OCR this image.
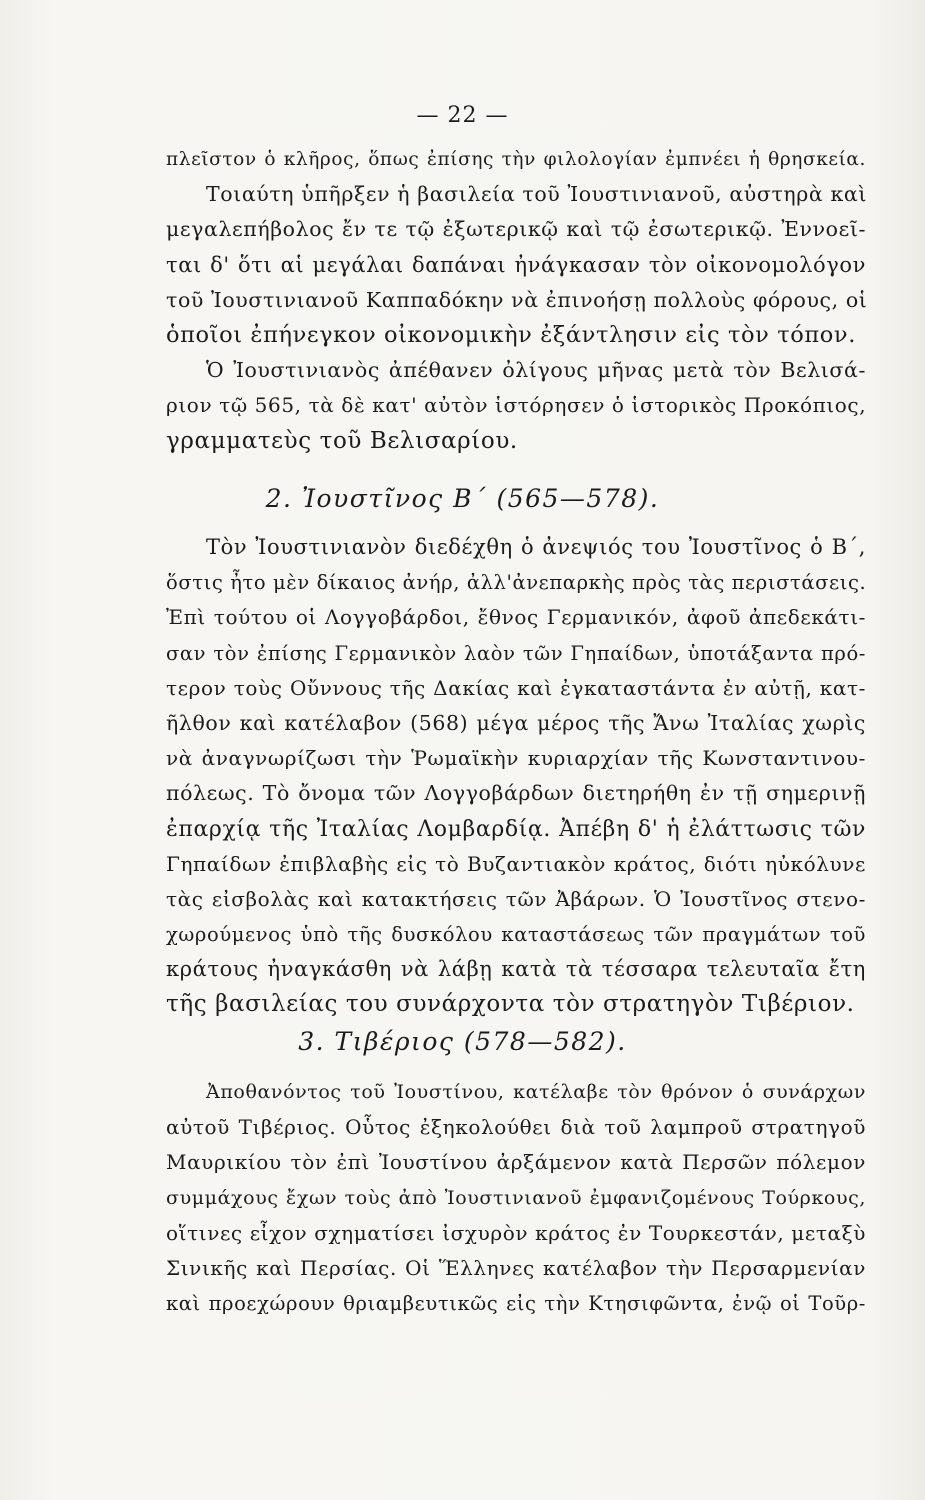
— 22 —
πλεῖστον ὁ κλῆρος, ὅπως ἐπίσης τὴν φιλολογίαν ἐμπνέει ἡ θρησκεία.
Τοιαύτη ὑπῆρξεν ἡ βασιλεία τοῦ Ἰουστινιανοῦ, αὐστηρὰ καὶ
μεγαλεπήβολος ἔν τε τῷ ἐξωτερικῷ καὶ τῷ ἐσωτερικῷ. Ἐννοεῖ-
ται δ' ὅτι αἱ μεγάλαι δαπάναι ἠνάγκασαν τὸν οἰκονομολόγον
τοῦ Ἰουστινιανοῦ Καππαδόκην νὰ ἐπινοήσῃ πολλοὺς φόρους, οἱ
ὁποῖοι ἐπήνεγκον οἰκονομικὴν ἐξάντλησιν εἰς τὸν τόπον.
Ὁ Ἰουστινιανὸς ἀπέθανεν ὀλίγους μῆνας μετὰ τὸν Βελισά-
ριον τῷ 565, τὰ δὲ κατ' αὐτὸν ἱστόρησεν ὁ ἱστορικὸς Προκόπιος,
γραμματεὺς τοῦ Βελισαρίου.
2. Ἰουστῖνος Β΄ (565—578).
Τὸν Ἰουστινιανὸν διεδέχθη ὁ ἀνεψιός του Ἰουστῖνος ὁ Β΄,
ὅστις ἦτο μὲν δίκαιος ἀνήρ, ἀλλ'ἀνεπαρκὴς πρὸς τὰς περιστάσεις.
Ἐπὶ τούτου οἱ Λογγοβάρδοι, ἔθνος Γερμανικόν, ἀφοῦ ἀπεδεκάτι-
σαν τὸν ἐπίσης Γερμανικὸν λαὸν τῶν Γηπαίδων, ὑποτάξαντα πρό-
τερον τοὺς Οὔννους τῆς Δακίας καὶ ἐγκαταστάντα ἐν αὐτῇ, κατ-
ῆλθον καὶ κατέλαβον (568) μέγα μέρος τῆς Ἄνω Ἰταλίας χωρὶς
νὰ ἀναγνωρίζωσι τὴν Ῥωμαϊκὴν κυριαρχίαν τῆς Κωνσταντινου-
πόλεως. Τὸ ὄνομα τῶν Λογγοβάρδων διετηρήθη ἐν τῇ σημερινῇ
ἐπαρχίᾳ τῆς Ἰταλίας Λομβαρδίᾳ. Ἀπέβη δ' ἡ ἐλάττωσις τῶν
Γηπαίδων ἐπιβλαβὴς εἰς τὸ Βυζαντιακὸν κράτος, διότι ηὐκόλυνε
τὰς εἰσβολὰς καὶ κατακτήσεις τῶν Ἀβάρων. Ὁ Ἰουστῖνος στενο-
χωρούμενος ὑπὸ τῆς δυσκόλου καταστάσεως τῶν πραγμάτων τοῦ
κράτους ἠναγκάσθη νὰ λάβῃ κατὰ τὰ τέσσαρα τελευταῖα ἔτη
τῆς βασιλείας του συνάρχοντα τὸν στρατηγὸν Τιβέριον.
3. Τιβέριος (578—582).
Ἀποθανόντος τοῦ Ἰουστίνου, κατέλαβε τὸν θρόνον ὁ συνάρχων
αὐτοῦ Τιβέριος. Οὗτος ἐξηκολούθει διὰ τοῦ λαμπροῦ στρατηγοῦ
Μαυρικίου τὸν ἐπὶ Ἰουστίνου ἀρξάμενον κατὰ Περσῶν πόλεμον
συμμάχους ἔχων τοὺς ἀπὸ Ἰουστινιανοῦ ἐμφανιζομένους Τούρκους,
οἵτινες εἶχον σχηματίσει ἰσχυρὸν κράτος ἐν Τουρκεστάν, μεταξὺ
Σινικῆς καὶ Περσίας. Οἱ Ἕλληνες κατέλαβον τὴν Περσαρμενίαν
καὶ προεχώρουν θριαμβευτικῶς εἰς τὴν Κτησιφῶντα, ἐνῷ οἱ Τοῦρ-
